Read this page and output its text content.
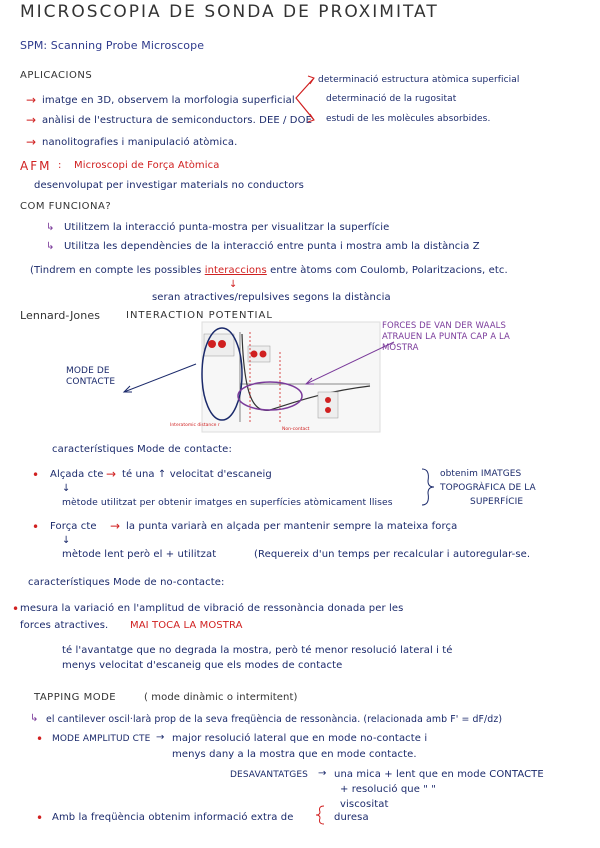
MICROSCOPIA DE SONDA DE PROXIMITAT
SPM: Scanning Probe Microscope
APLICACIONS
→ imatge en 3D, observem la morfologia superficial
→ anàlisi de l'estructura de semiconductors. DEE / DOE
→ nanolitografies i manipulació atòmica.
determinació estructura atòmica superficial
determinació de la rugositat
estudi de les molècules absorbides.
AFM : Microscopi de Força Atòmica
desenvolupat per investigar materials no conductors
COM FUNCIONA?
↳ Utilitzem la interacció punta-mostra per visualitzar la superfície
↳ Utilitza les dependències de la interacció entre punta i mostra amb la distància Z
(Tindrem en compte les possibles interaccions entre àtoms com Coulomb, Polaritzacions, etc.
↓
seran atractives/repulsives segons la distància
Lennard-Jones	INTERACTION POTENTIAL
FORCES DE VAN DER WAALS ATRAUEN LA PUNTA CAP A LA MOSTRA
MODE DE CONTACTE
Interatomic distance r
Non-contact
característiques Mode de contacte:
• Alçada cte → té una ↑ velocitat d'escaneig
↓
mètode utilitzat per obtenir imatges en superfícies atòmicament llises
obtenim IMATGES
TOPOGRÀFICA DE LA
SUPERFÍCIE
• Força cte → la punta variarà en alçada per mantenir sempre la mateixa força
↓
mètode lent però el + utilitzat	(Requereix d'un temps per recalcular i autoregular-se.
característiques Mode de no-contacte:
• mesura la variació en l'amplitud de vibració de ressonància donada per les
forces atractives. MAI TOCA LA MOSTRA
té l'avantatge que no degrada la mostra, però té menor resolució lateral i té
menys velocitat d'escaneig que els modes de contacte
TAPPING MODE	( mode dinàmic o intermitent)
↳ el cantilever oscil·larà prop de la seva freqüència de ressonància. (relacionada amb F' = dF/dz)
• MODE AMPLITUD CTE → major resolució lateral que en mode no-contacte i
menys dany a la mostra que en mode contacte.
DESAVANTATGES → una mica + lent que en mode CONTACTE
+ resolució que " "
viscositat
• Amb la freqüència obtenim informació extra de	duresa
